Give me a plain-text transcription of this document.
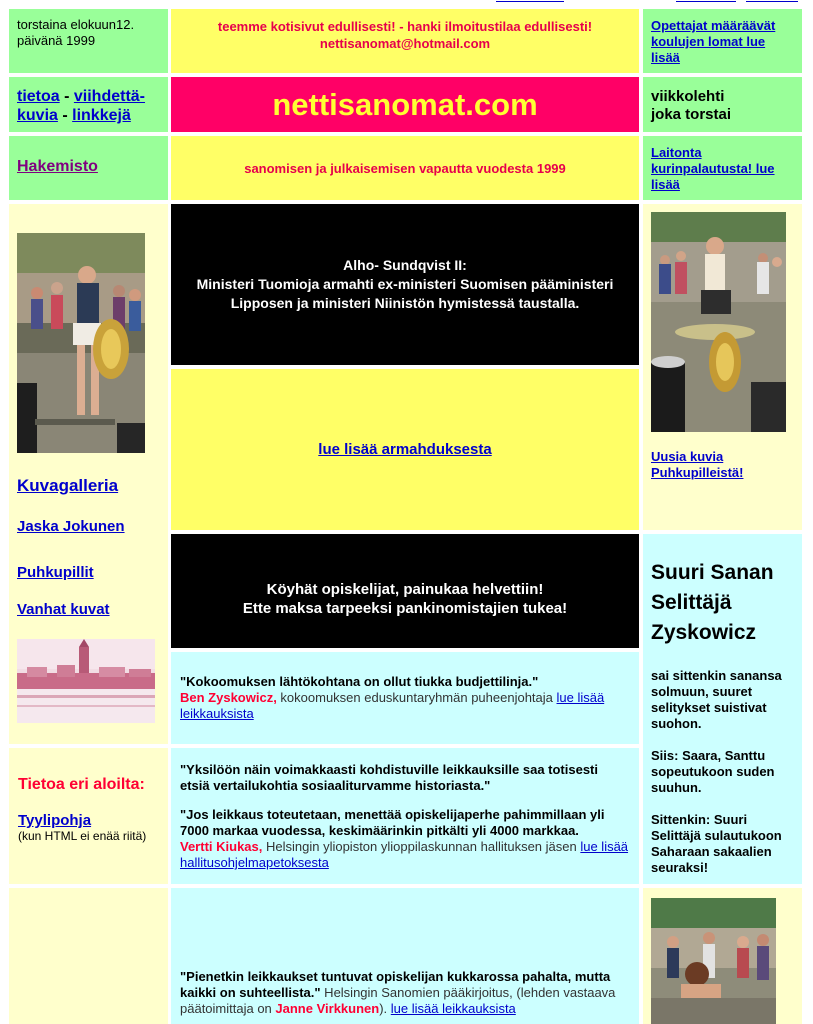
torstaina elokuun12.
päivänä 1999
teemme kotisivut edullisesti! - hanki ilmoitustilaa edullisesti!
nettisanomat@hotmail.com
Opettajat määräävät koulujen lomat lue lisää
tietoa - viihdettä-
kuvia - linkkejä	nettisanomat.com	viikkolehti
joka torstai
Hakemisto	sanomisen ja julkaisemisen vapautta vuodesta 1999
Laitonta kurinpalautusta! lue lisää
Kuvagalleria
Jaska Jokunen
Puhkupillit
Vanhat kuvat
Alho- Sundqvist II:
Ministeri Tuomioja armahti ex-ministeri Suomisen pääministeri Lipposen ja ministeri Niinistön hymistessä taustalla.
Uusia kuvia Puhkupilleistä!
lue lisää armahduksesta
Köyhät opiskelijat, painukaa helvettiin!
Ette maksa tarpeeksi pankinomistajien tukea!
Suuri Sanan Selittäjä Zyskowicz
sai sittenkin sanansa solmuun, suuret selitykset suistivat suohon.
Siis: Saara, Santtu sopeutukoon suden suuhun.
Sittenkin: Suuri Selittäjä sulautukoon Saharaan sakaalien seuraksi!
"Kokoomuksen lähtökohtana on ollut tiukka budjettilinja."
Ben Zyskowicz, kokoomuksen eduskuntaryhmän puheenjohtaja lue lisää leikkauksista
Tietoa eri aloilta:
Tyylipohja
(kun HTML ei enää riitä)
"Yksilöön näin voimakkaasti kohdistuville leikkauksille saa totisesti etsiä vertailukohtia sosiaaliturvamme historiasta."
"Jos leikkaus toteutetaan, menettää opiskelijaperhe pahimmillaan yli 7000 markaa vuodessa, keskimäärinkin pitkälti yli 4000 markkaa.
Vertti Kiukas, Helsingin yliopiston ylioppilaskunnan hallituksen jäsen lue lisää hallitusohjelmapetoksesta
"Pienetkin leikkaukset tuntuvat opiskelijan kukkarossa pahalta, mutta kaikki on suhteellista." Helsingin Sanomien pääkirjoitus, (lehden vastaava päätoimittaja on Janne Virkkunen). lue lisää leikkauksista
